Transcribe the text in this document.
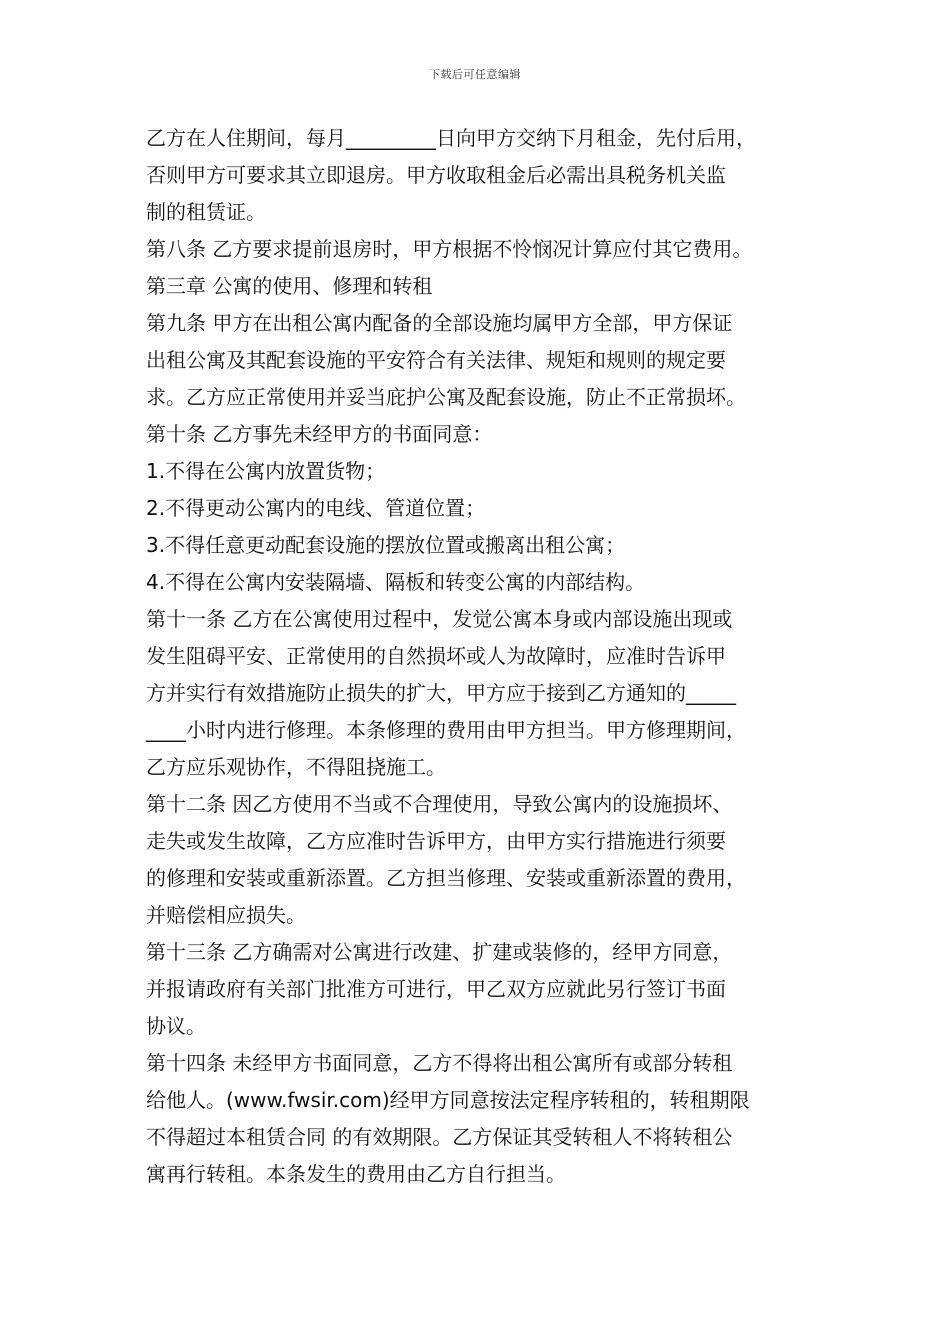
下载后可任意编辑
乙方在人住期间，每月_________日向甲方交纳下月租金，先付后用，
否则甲方可要求其立即退房。甲方收取租金后必需出具税务机关监
制的租赁证。
第八条 乙方要求提前退房时，甲方根据不怜悯况计算应付其它费用。
第三章 公寓的使用、修理和转租
第九条 甲方在出租公寓内配备的全部设施均属甲方全部，甲方保证
出租公寓及其配套设施的平安符合有关法律、规矩和规则的规定要
求。乙方应正常使用并妥当庇护公寓及配套设施，防止不正常损坏。
第十条 乙方事先未经甲方的书面同意：
1.不得在公寓内放置货物；
2.不得更动公寓内的电线、管道位置；
3.不得任意更动配套设施的摆放位置或搬离出租公寓；
4.不得在公寓内安装隔墙、隔板和转变公寓的内部结构。
第十一条 乙方在公寓使用过程中，发觉公寓本身或内部设施出现或
发生阻碍平安、正常使用的自然损坏或人为故障时，应准时告诉甲
方并实行有效措施防止损失的扩大，甲方应于接到乙方通知的_____
____小时内进行修理。本条修理的费用由甲方担当。甲方修理期间，
乙方应乐观协作，不得阻挠施工。
第十二条 因乙方使用不当或不合理使用，导致公寓内的设施损坏、
走失或发生故障，乙方应准时告诉甲方，由甲方实行措施进行须要
的修理和安装或重新添置。乙方担当修理、安装或重新添置的费用，
并赔偿相应损失。
第十三条 乙方确需对公寓进行改建、扩建或装修的，经甲方同意，
并报请政府有关部门批准方可进行，甲乙双方应就此另行签订书面
协议。
第十四条 未经甲方书面同意，乙方不得将出租公寓所有或部分转租
给他人。(www.fwsir.com)经甲方同意按法定程序转租的，转租期限
不得超过本租赁合同 的有效期限。乙方保证其受转租人不将转租公
寓再行转租。本条发生的费用由乙方自行担当。
